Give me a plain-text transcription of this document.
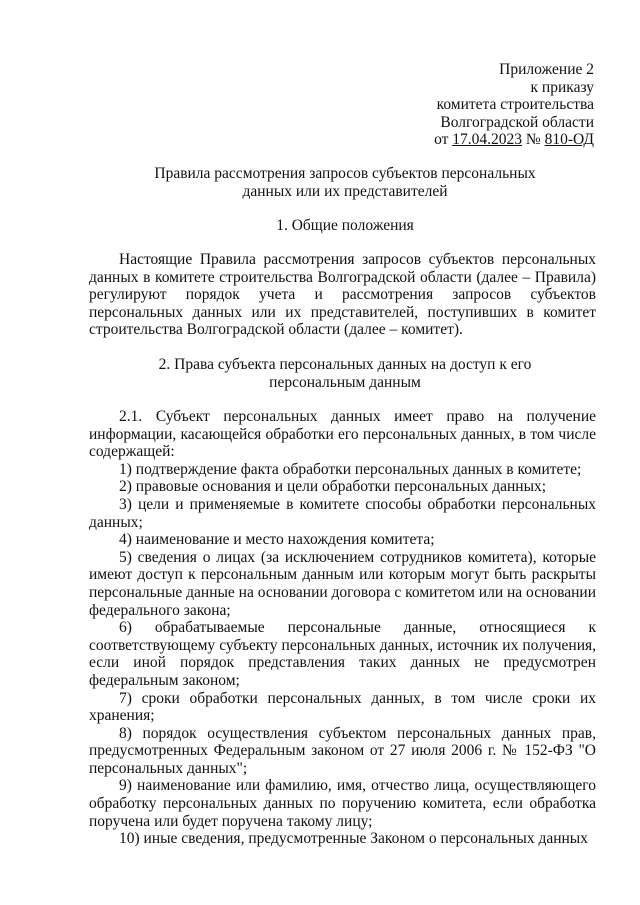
Приложение 2
к приказу
комитета строительства
Волгоградской области
от 17.04.2023 № 810-ОД
Правила рассмотрения запросов субъектов персональных
данных или их представителей
1. Общие положения

Настоящие Правила рассмотрения запросов субъектов персональных данных в комитете строительства Волгоградской области (далее – Правила) регулируют порядок учета и рассмотрения запросов субъектов персональных данных или их представителей, поступивших в комитет строительства Волгоградской области (далее – комитет).

2. Права субъекта персональных данных на доступ к его
персональным данным

2.1. Субъект персональных данных имеет право на получение информации, касающейся обработки его персональных данных, в том числе содержащей:

1) подтверждение факта обработки персональных данных в комитете;

2) правовые основания и цели обработки персональных данных;

3) цели и применяемые в комитете способы обработки персональных данных;

4) наименование и место нахождения комитета;

5) сведения о лицах (за исключением сотрудников комитета), которые имеют доступ к персональным данным или которым могут быть раскрыты персональные данные на основании договора с комитетом или на основании федерального закона;

6) обрабатываемые персональные данные, относящиеся к соответствующему субъекту персональных данных, источник их получения, если иной порядок представления таких данных не предусмотрен федеральным законом;

7) сроки обработки персональных данных, в том числе сроки их хранения;

8) порядок осуществления субъектом персональных данных прав, предусмотренных Федеральным законом от 27 июля 2006 г. № 152-ФЗ "О персональных данных";

9) наименование или фамилию, имя, отчество лица, осуществляющего обработку персональных данных по поручению комитета, если обработка поручена или будет поручена такому лицу;

10) иные сведения, предусмотренные Законом о персональных данных
